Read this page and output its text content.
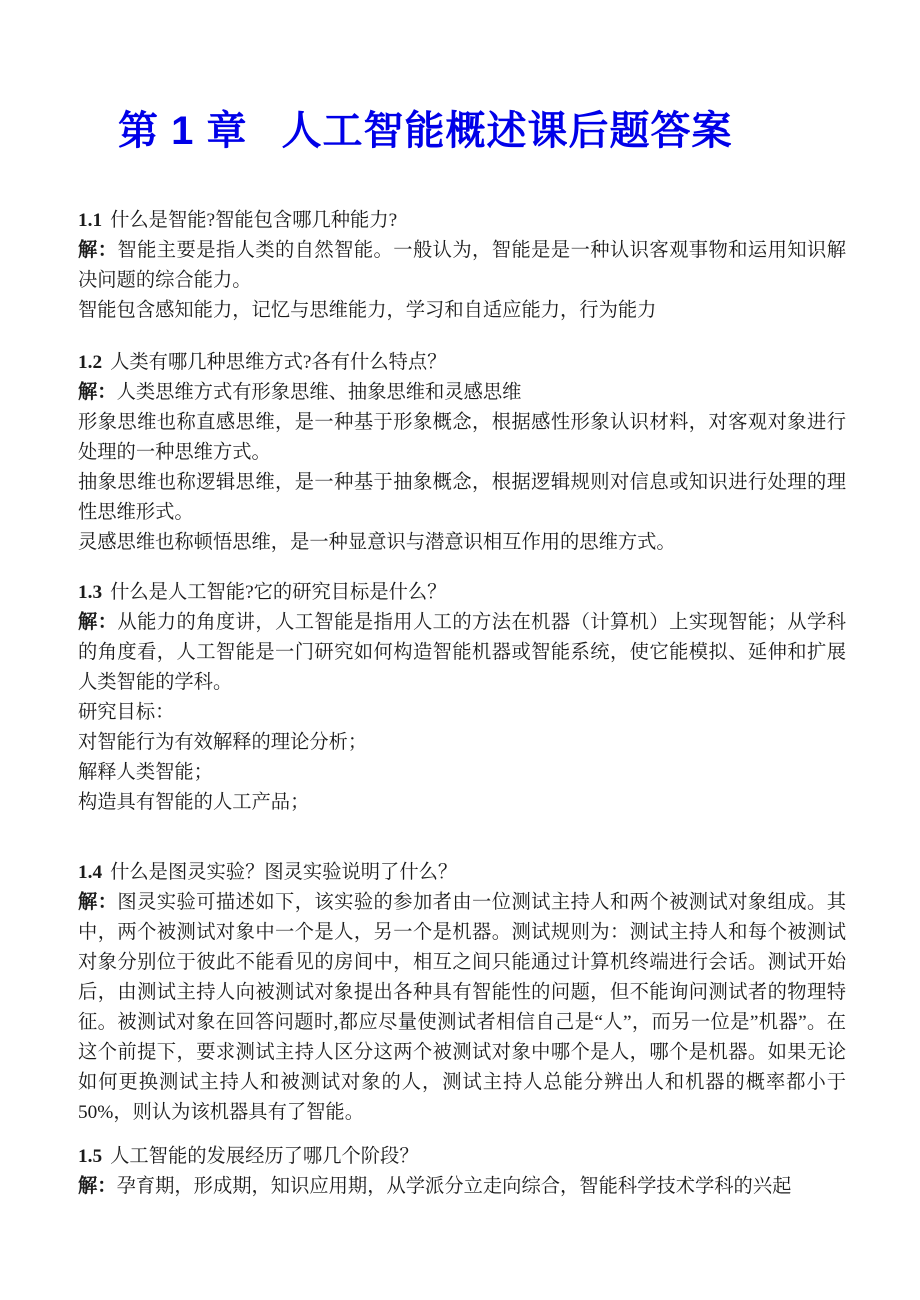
第 1 章 人工智能概述课后题答案

1.1 什么是智能?智能包含哪几种能力?

解：智能主要是指人类的自然智能。一般认为，智能是是一种认识客观事物和运用知识解决问题的综合能力。

智能包含感知能力，记忆与思维能力，学习和自适应能力，行为能力

1.2 人类有哪几种思维方式?各有什么特点？

解：人类思维方式有形象思维、抽象思维和灵感思维

形象思维也称直感思维，是一种基于形象概念，根据感性形象认识材料，对客观对象进行处理的一种思维方式。

抽象思维也称逻辑思维，是一种基于抽象概念，根据逻辑规则对信息或知识进行处理的理性思维形式。

灵感思维也称顿悟思维，是一种显意识与潜意识相互作用的思维方式。

1.3 什么是人工智能?它的研究目标是什么？

解：从能力的角度讲，人工智能是指用人工的方法在机器（计算机）上实现智能；从学科的角度看，人工智能是一门研究如何构造智能机器或智能系统，使它能模拟、延伸和扩展人类智能的学科。

研究目标：

对智能行为有效解释的理论分析；

解释人类智能；

构造具有智能的人工产品；

1.4 什么是图灵实验？图灵实验说明了什么？

解：图灵实验可描述如下，该实验的参加者由一位测试主持人和两个被测试对象组成。其中，两个被测试对象中一个是人，另一个是机器。测试规则为：测试主持人和每个被测试对象分别位于彼此不能看见的房间中，相互之间只能通过计算机终端进行会话。测试开始后，由测试主持人向被测试对象提出各种具有智能性的问题，但不能询问测试者的物理特征。被测试对象在回答问题时,都应尽量使测试者相信自己是“人”，而另一位是”机器”。在这个前提下，要求测试主持人区分这两个被测试对象中哪个是人，哪个是机器。如果无论如何更换测试主持人和被测试对象的人，测试主持人总能分辨出人和机器的概率都小于 50%，则认为该机器具有了智能。

1.5 人工智能的发展经历了哪几个阶段？

解：孕育期，形成期，知识应用期，从学派分立走向综合，智能科学技术学科的兴起
